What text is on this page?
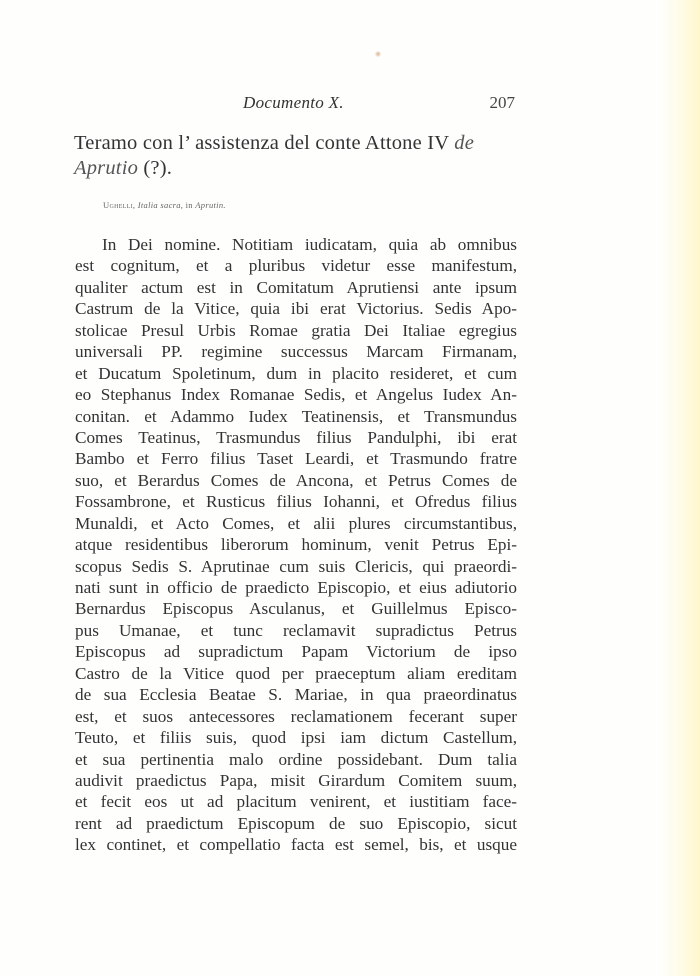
Documento X.	207
Teramo con l’ assistenza del conte Attone IV de
Aprutio (?).
Ughelli, Italia sacra, in Aprutin.
In Dei nomine. Notitiam iudicatam, quia ab omnibus
est cognitum, et a pluribus videtur esse manifestum,
qualiter actum est in Comitatum Aprutiensi ante ipsum
Castrum de la Vitice, quia ibi erat Victorius. Sedis Apo-
stolicae Presul Urbis Romae gratia Dei Italiae egregius
universali PP. regimine successus Marcam Firmanam,
et Ducatum Spoletinum, dum in placito resideret, et cum
eo Stephanus Index Romanae Sedis, et Angelus Iudex An-
conitan. et Adammo Iudex Teatinensis, et Transmundus
Comes Teatinus, Trasmundus filius Pandulphi, ibi erat
Bambo et Ferro filius Taset Leardi, et Trasmundo fratre
suo, et Berardus Comes de Ancona, et Petrus Comes de
Fossambrone, et Rusticus filius Iohanni, et Ofredus filius
Munaldi, et Acto Comes, et alii plures circumstantibus,
atque residentibus liberorum hominum, venit Petrus Epi-
scopus Sedis S. Aprutinae cum suis Clericis, qui praeordi-
nati sunt in officio de praedicto Episcopio, et eius adiutorio
Bernardus Episcopus Asculanus, et Guillelmus Episco-
pus Umanae, et tunc reclamavit supradictus Petrus
Episcopus ad supradictum Papam Victorium de ipso
Castro de la Vitice quod per praeceptum aliam ereditam
de sua Ecclesia Beatae S. Mariae, in qua praeordinatus
est, et suos antecessores reclamationem fecerant super
Teuto, et filiis suis, quod ipsi iam dictum Castellum,
et sua pertinentia malo ordine possidebant. Dum talia
audivit praedictus Papa, misit Girardum Comitem suum,
et fecit eos ut ad placitum venirent, et iustitiam face-
rent ad praedictum Episcopum de suo Episcopio, sicut
lex continet, et compellatio facta est semel, bis, et usque
